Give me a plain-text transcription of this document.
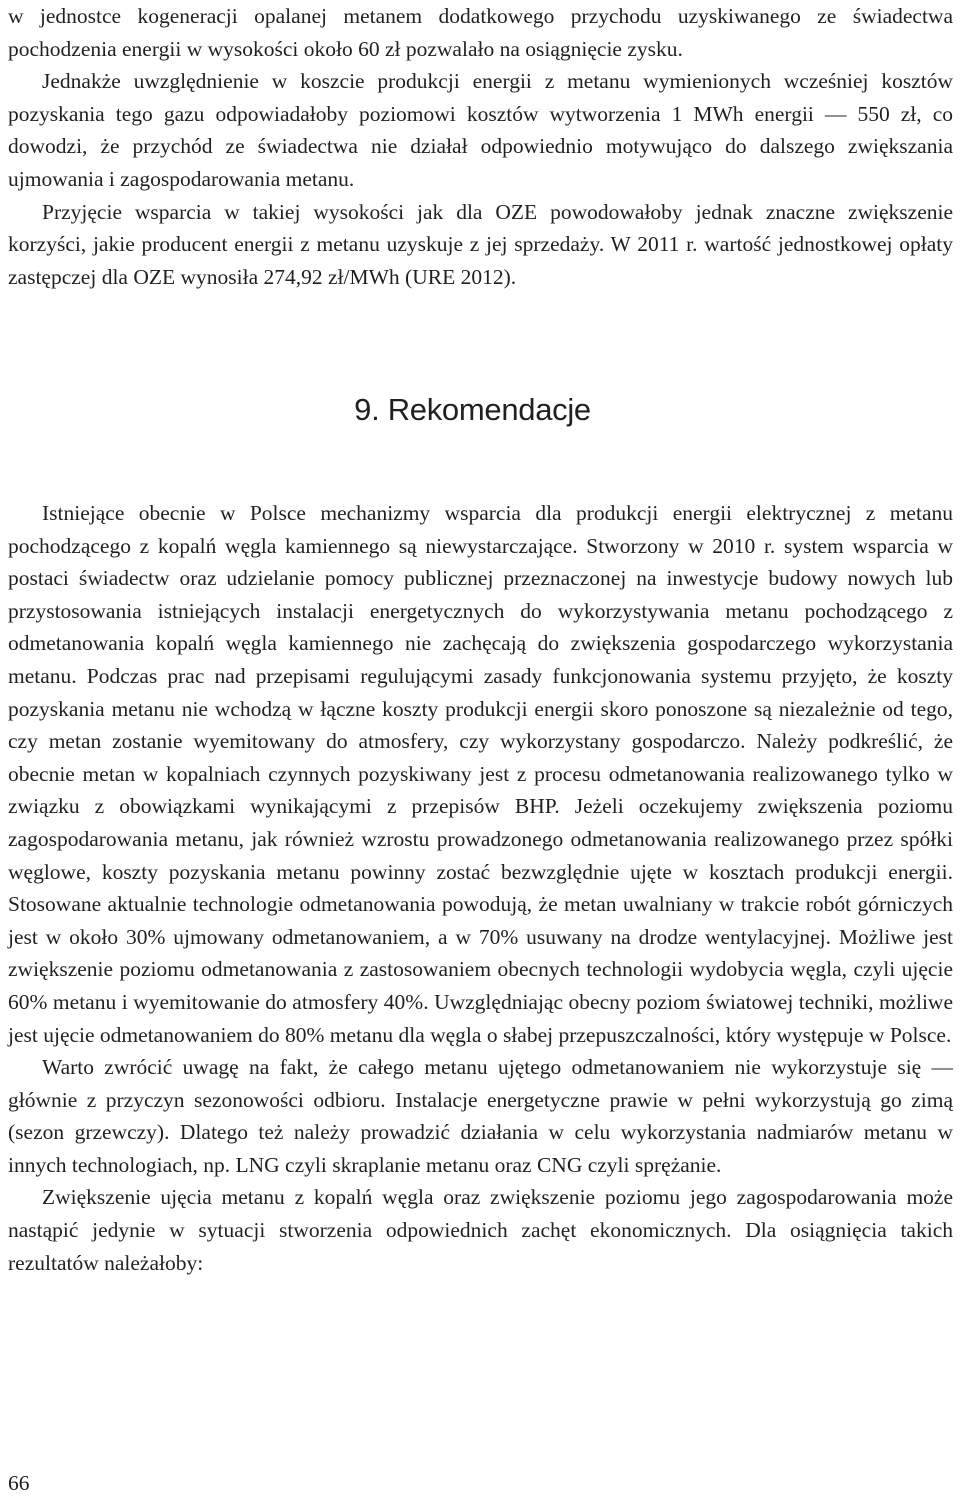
w jednostce kogeneracji opalanej metanem dodatkowego przychodu uzyskiwanego ze świadectwa pochodzenia energii w wysokości około 60 zł pozwalało na osiągnięcie zysku.

Jednakże uwzględnienie w koszcie produkcji energii z metanu wymienionych wcześniej kosztów pozyskania tego gazu odpowiadałoby poziomowi kosztów wytworzenia 1 MWh energii — 550 zł, co dowodzi, że przychód ze świadectwa nie działał odpowiednio motywująco do dalszego zwiększania ujmowania i zagospodarowania metanu.

Przyjęcie wsparcia w takiej wysokości jak dla OZE powodowałoby jednak znaczne zwiększenie korzyści, jakie producent energii z metanu uzyskuje z jej sprzedaży. W 2011 r. wartość jednostkowej opłaty zastępczej dla OZE wynosiła 274,92 zł/MWh (URE 2012).

9. Rekomendacje

Istniejące obecnie w Polsce mechanizmy wsparcia dla produkcji energii elektrycznej z metanu pochodzącego z kopalń węgla kamiennego są niewystarczające. Stworzony w 2010 r. system wsparcia w postaci świadectw oraz udzielanie pomocy publicznej przeznaczonej na inwestycje budowy nowych lub przystosowania istniejących instalacji energetycznych do wykorzystywania metanu pochodzącego z odmetanowania kopalń węgla kamiennego nie zachęcają do zwiększenia gospodarczego wykorzystania metanu. Podczas prac nad przepisami regulującymi zasady funkcjonowania systemu przyjęto, że koszty pozyskania metanu nie wchodzą w łączne koszty produkcji energii skoro ponoszone są niezależnie od tego, czy metan zostanie wyemitowany do atmosfery, czy wykorzystany gospodarczo. Należy podkreślić, że obecnie metan w kopalniach czynnych pozyskiwany jest z procesu odmetanowania realizowanego tylko w związku z obowiązkami wynikającymi z przepisów BHP. Jeżeli oczekujemy zwiększenia poziomu zagospodarowania metanu, jak również wzrostu prowadzonego odmetanowania realizowanego przez spółki węglowe, koszty pozyskania metanu powinny zostać bezwzględnie ujęte w kosztach produkcji energii. Stosowane aktualnie technologie odmetanowania powodują, że metan uwalniany w trakcie robót górniczych jest w około 30% ujmowany odmetanowaniem, a w 70% usuwany na drodze wentylacyjnej. Możliwe jest zwiększenie poziomu odmetanowania z zastosowaniem obecnych technologii wydobycia węgla, czyli ujęcie 60% metanu i wyemitowanie do atmosfery 40%. Uwzględniając obecny poziom światowej techniki, możliwe jest ujęcie odmetanowaniem do 80% metanu dla węgla o słabej przepuszczalności, który występuje w Polsce.

Warto zwrócić uwagę na fakt, że całego metanu ujętego odmetanowaniem nie wykorzystuje się — głównie z przyczyn sezonowości odbioru. Instalacje energetyczne prawie w pełni wykorzystują go zimą (sezon grzewczy). Dlatego też należy prowadzić działania w celu wykorzystania nadmiarów metanu w innych technologiach, np. LNG czyli skraplanie metanu oraz CNG czyli sprężanie.

Zwiększenie ujęcia metanu z kopalń węgla oraz zwiększenie poziomu jego zagospodarowania może nastąpić jedynie w sytuacji stworzenia odpowiednich zachęt ekonomicznych. Dla osiągnięcia takich rezultatów należałoby:

66
